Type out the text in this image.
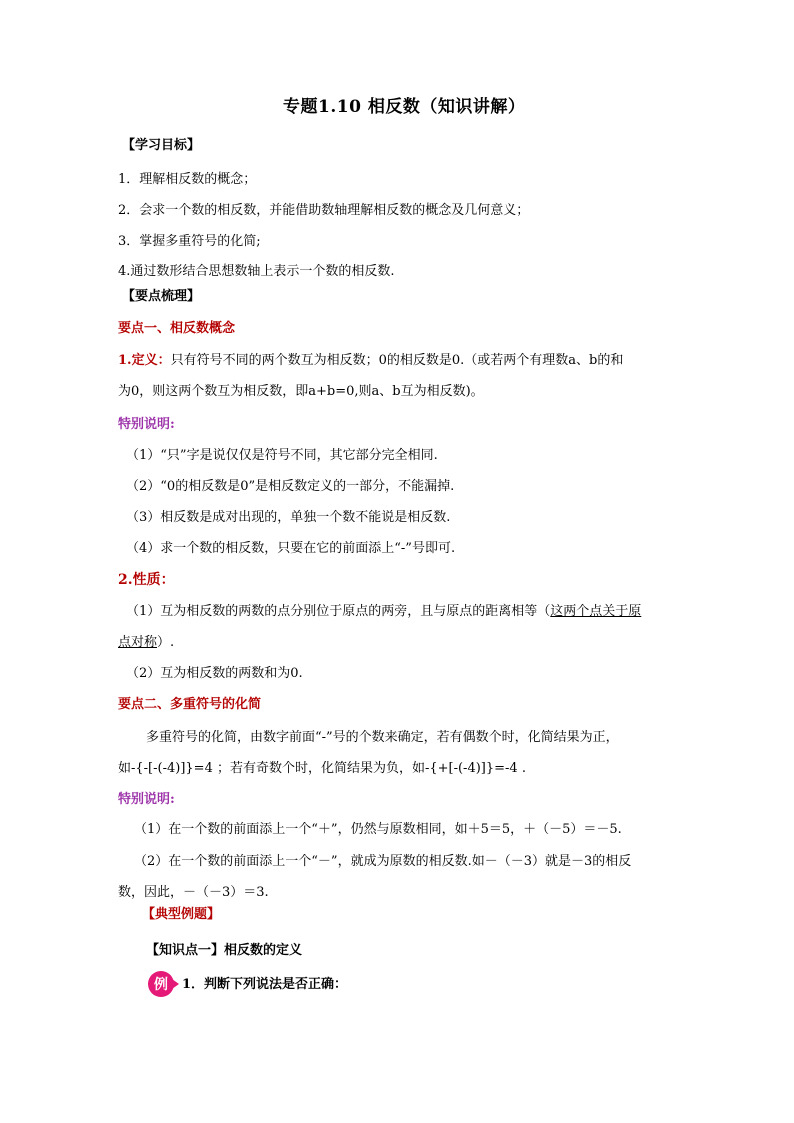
专题1.10 相反数（知识讲解）
【学习目标】
1．理解相反数的概念；
2．会求一个数的相反数，并能借助数轴理解相反数的概念及几何意义；
3．掌握多重符号的化简;
4.通过数形结合思想数轴上表示一个数的相反数.
【要点梳理】
要点一、相反数概念
1.定义：只有符号不同的两个数互为相反数；0的相反数是0.（或若两个有理数a、b的和
为0，则这两个数互为相反数，即a+b=0,则a、b互为相反数)。
特别说明:
（1）“只”字是说仅仅是符号不同，其它部分完全相同.
（2）“0的相反数是0”是相反数定义的一部分，不能漏掉.
（3）相反数是成对出现的，单独一个数不能说是相反数.
（4）求一个数的相反数，只要在它的前面添上“-”号即可.
2.性质：
（1）互为相反数的两数的点分别位于原点的两旁，且与原点的距离相等（这两个点关于原
点对称）.
（2）互为相反数的两数和为0.
要点二、多重符号的化简
多重符号的化简，由数字前面“-”号的个数来确定，若有偶数个时，化简结果为正，
如-{-[-(-4)]}=4 ；若有奇数个时，化简结果为负，如-{+[-(-4)]}=-4 .
特别说明:
（1）在一个数的前面添上一个“＋”，仍然与原数相同，如＋5＝5，＋（－5）＝－5.
（2）在一个数的前面添上一个“－”，就成为原数的相反数.如－（－3）就是－3的相反
数，因此，－（－3）＝3.
【典型例题】
【知识点一】相反数的定义
例	1．判断下列说法是否正确：
